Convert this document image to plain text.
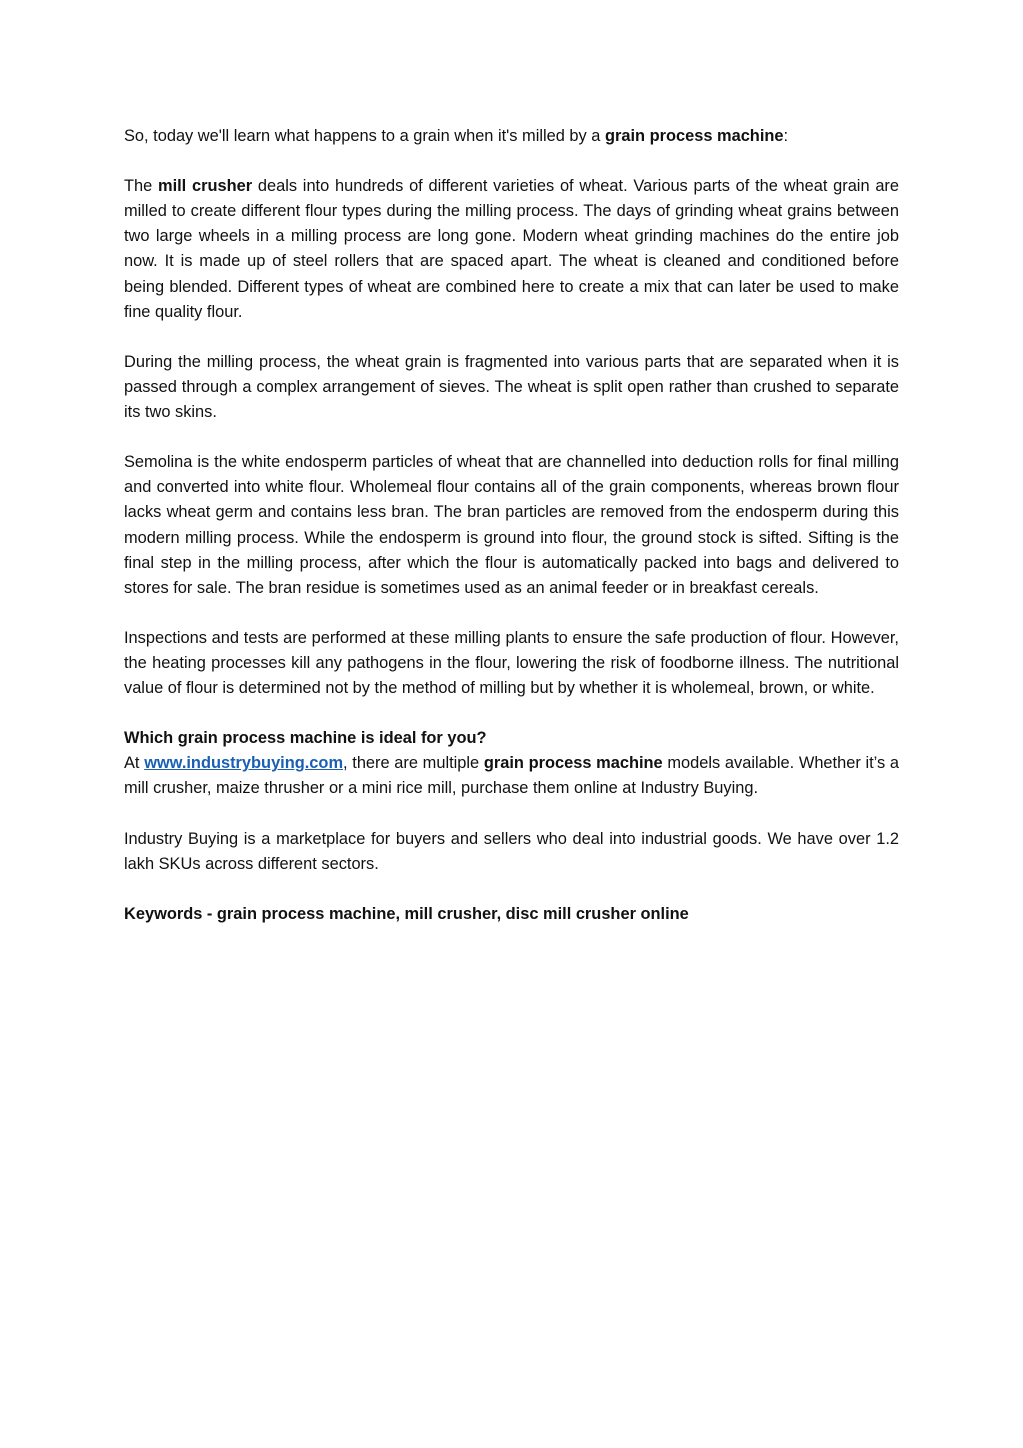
So, today we'll learn what happens to a grain when it's milled by a grain process machine:

The mill crusher deals into hundreds of different varieties of wheat. Various parts of the wheat grain are milled to create different flour types during the milling process. The days of grinding wheat grains between two large wheels in a milling process are long gone. Modern wheat grinding machines do the entire job now. It is made up of steel rollers that are spaced apart. The wheat is cleaned and conditioned before being blended. Different types of wheat are combined here to create a mix that can later be used to make fine quality flour.

During the milling process, the wheat grain is fragmented into various parts that are separated when it is passed through a complex arrangement of sieves. The wheat is split open rather than crushed to separate its two skins.

Semolina is the white endosperm particles of wheat that are channelled into deduction rolls for final milling and converted into white flour. Wholemeal flour contains all of the grain components, whereas brown flour lacks wheat germ and contains less bran. The bran particles are removed from the endosperm during this modern milling process. While the endosperm is ground into flour, the ground stock is sifted. Sifting is the final step in the milling process, after which the flour is automatically packed into bags and delivered to stores for sale. The bran residue is sometimes used as an animal feeder or in breakfast cereals.

Inspections and tests are performed at these milling plants to ensure the safe production of flour. However, the heating processes kill any pathogens in the flour, lowering the risk of foodborne illness. The nutritional value of flour is determined not by the method of milling but by whether it is wholemeal, brown, or white.

Which grain process machine is ideal for you?

At www.industrybuying.com, there are multiple grain process machine models available. Whether it’s a mill crusher, maize thrusher or a mini rice mill, purchase them online at Industry Buying.

Industry Buying is a marketplace for buyers and sellers who deal into industrial goods. We have over 1.2 lakh SKUs across different sectors.

Keywords - grain process machine, mill crusher, disc mill crusher online
